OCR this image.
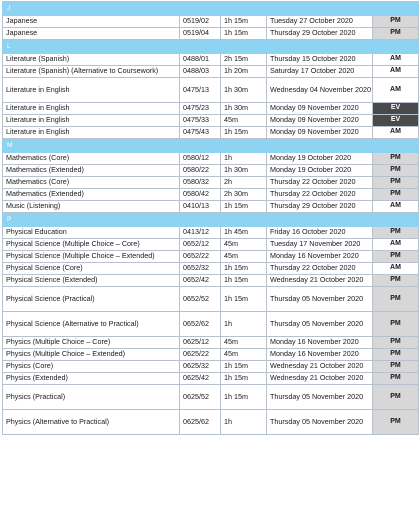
J				
Japanese	0519/02	1h 15m	Tuesday 27 October 2020	PM
Japanese	0519/04	1h 15m	Thursday 29 October 2020	PM
L				
Literature (Spanish)	0488/01	2h 15m	Thursday 15 October 2020	AM
Literature (Spanish) (Alternative to Coursework)	0488/03	1h 20m	Saturday 17 October 2020	AM
Literature in English	0475/13	1h 30m	Wednesday 04 November 2020	AM
Literature in English	0475/23	1h 30m	Monday 09 November 2020	EV
Literature in English	0475/33	45m	Monday 09 November 2020	EV
Literature in English	0475/43	1h 15m	Monday 09 November 2020	AM
M				
Mathematics (Core)	0580/12	1h	Monday 19 October 2020	PM
Mathematics (Extended)	0580/22	1h 30m	Monday 19 October 2020	PM
Mathematics (Core)	0580/32	2h	Thursday 22 October 2020	PM
Mathematics (Extended)	0580/42	2h 30m	Thursday 22 October 2020	PM
Music (Listening)	0410/13	1h 15m	Thursday 29 October 2020	AM
P				
Physical Education	0413/12	1h 45m	Friday 16 October 2020	PM
Physical Science (Multiple Choice – Core)	0652/12	45m	Tuesday 17 November 2020	AM
Physical Science (Multiple Choice – Extended)	0652/22	45m	Monday 16 November 2020	PM
Physical Science (Core)	0652/32	1h 15m	Thursday 22 October 2020	AM
Physical Science (Extended)	0652/42	1h 15m	Wednesday 21 October 2020	PM
Physical Science (Practical)	0652/52	1h 15m	Thursday 05 November 2020	PM
Physical Science (Alternative to Practical)	0652/62	1h	Thursday 05 November 2020	PM
Physics (Multiple Choice – Core)	0625/12	45m	Monday 16 November 2020	PM
Physics (Multiple Choice – Extended)	0625/22	45m	Monday 16 November 2020	PM
Physics (Core)	0625/32	1h 15m	Wednesday 21 October 2020	PM
Physics (Extended)	0625/42	1h 15m	Wednesday 21 October 2020	PM
Physics (Practical)	0625/52	1h 15m	Thursday 05 November 2020	PM
Physics (Alternative to Practical)	0625/62	1h	Thursday 05 November 2020	PM
